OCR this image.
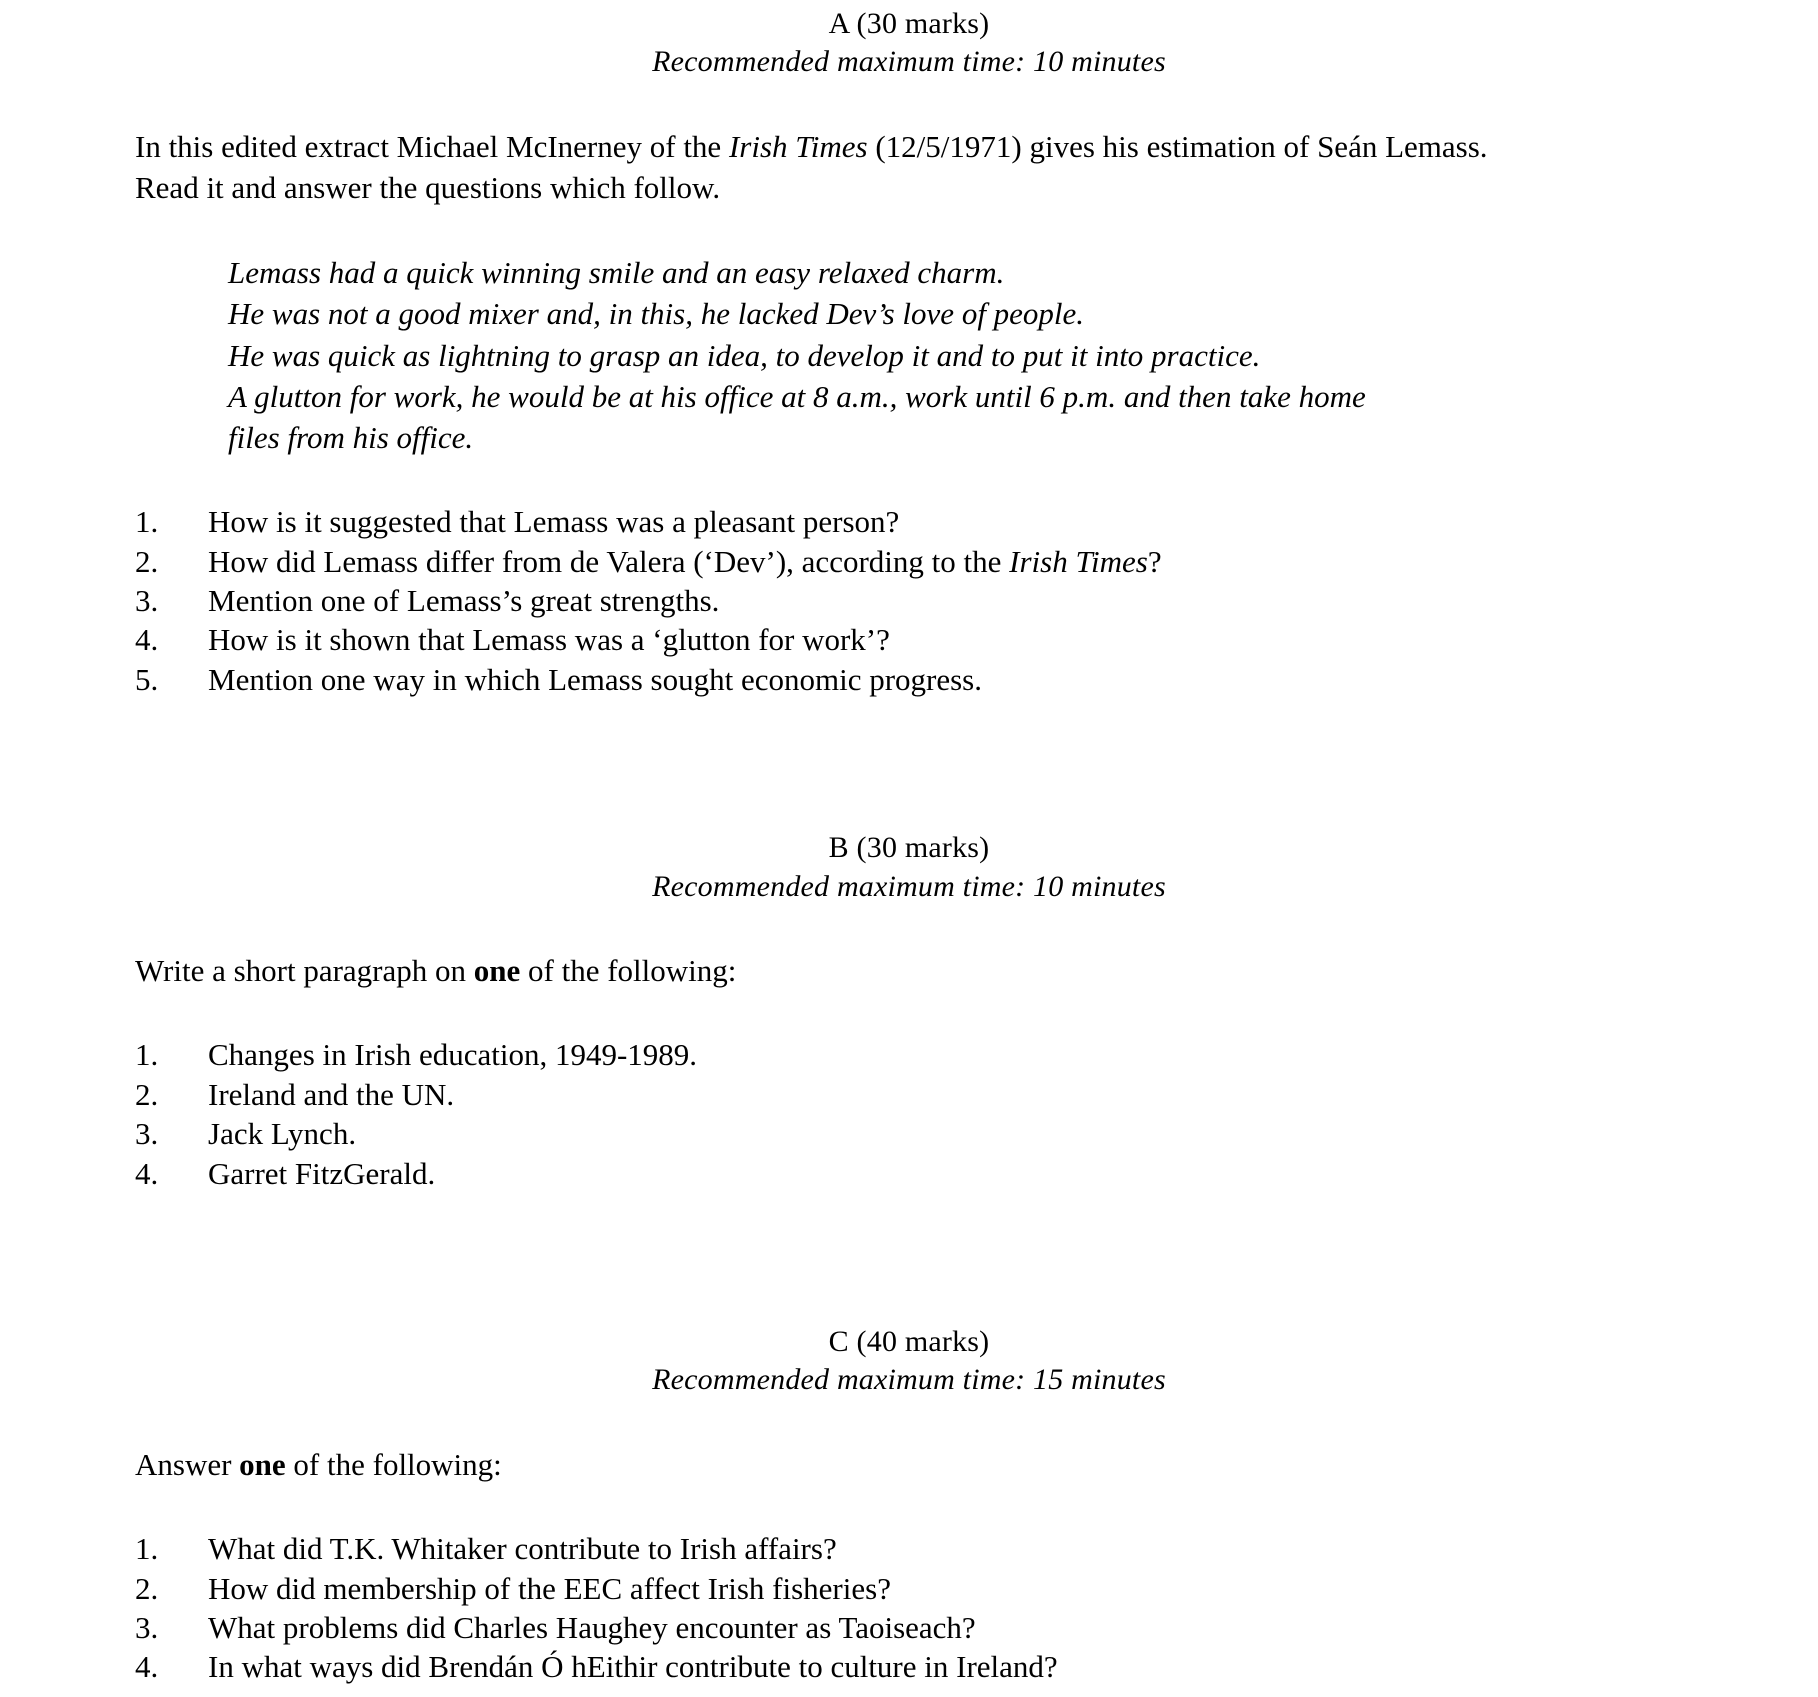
A (30 marks)
Recommended maximum time: 10 minutes
In this edited extract Michael McInerney of the Irish Times (12/5/1971) gives his estimation of Seán Lemass. Read it and answer the questions which follow.
Lemass had a quick winning smile and an easy relaxed charm.
He was not a good mixer and, in this, he lacked Dev’s love of people.
He was quick as lightning to grasp an idea, to develop it and to put it into practice.
A glutton for work, he would be at his office at 8 a.m., work until 6 p.m. and then take home
files from his office.
1.	How is it suggested that Lemass was a pleasant person?
2.	How did Lemass differ from de Valera (‘Dev’), according to the Irish Times?
3.	Mention one of Lemass’s great strengths.
4.	How is it shown that Lemass was a ‘glutton for work’?
5.	Mention one way in which Lemass sought economic progress.
B (30 marks)
Recommended maximum time: 10 minutes
Write a short paragraph on one of the following:
1.	Changes in Irish education, 1949-1989.
2.	Ireland and the UN.
3.	Jack Lynch.
4.	Garret FitzGerald.
C (40 marks)
Recommended maximum time: 15 minutes
Answer one of the following:
1.	What did T.K. Whitaker contribute to Irish affairs?
2.	How did membership of the EEC affect Irish fisheries?
3.	What problems did Charles Haughey encounter as Taoiseach?
4.	In what ways did Brendán Ó hEithir contribute to culture in Ireland?
